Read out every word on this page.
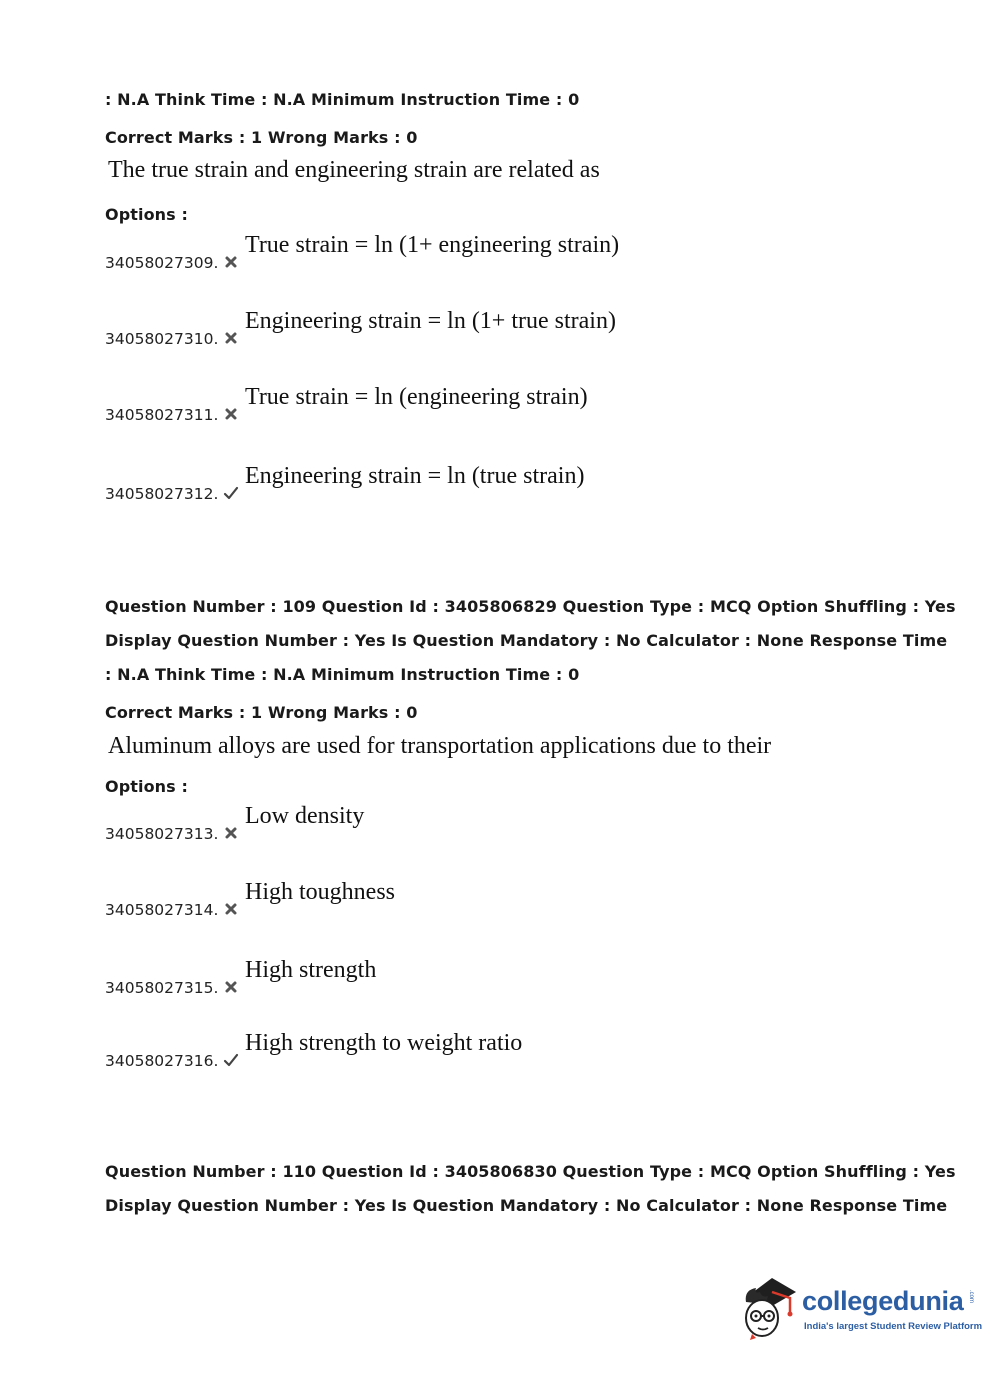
: N.A Think Time : N.A Minimum Instruction Time : 0
Correct Marks : 1 Wrong Marks : 0
The true strain and engineering strain are related as
Options :
34058027309.
True strain = ln (1+ engineering strain)
34058027310.
Engineering strain = ln (1+ true strain)
34058027311.
True strain = ln (engineering strain)
34058027312.
Engineering strain = ln (true strain)
Question Number : 109 Question Id : 3405806829 Question Type : MCQ Option Shuffling : Yes
Display Question Number : Yes Is Question Mandatory : No Calculator : None Response Time
: N.A Think Time : N.A Minimum Instruction Time : 0
Correct Marks : 1 Wrong Marks : 0
Aluminum alloys are used for transportation applications due to their
Options :
34058027313.
Low density
34058027314.
High toughness
34058027315.
High strength
34058027316.
High strength to weight ratio
Question Number : 110 Question Id : 3405806830 Question Type : MCQ Option Shuffling : Yes
Display Question Number : Yes Is Question Mandatory : No Calculator : None Response Time
collegedunia .com
India's largest Student Review Platform
